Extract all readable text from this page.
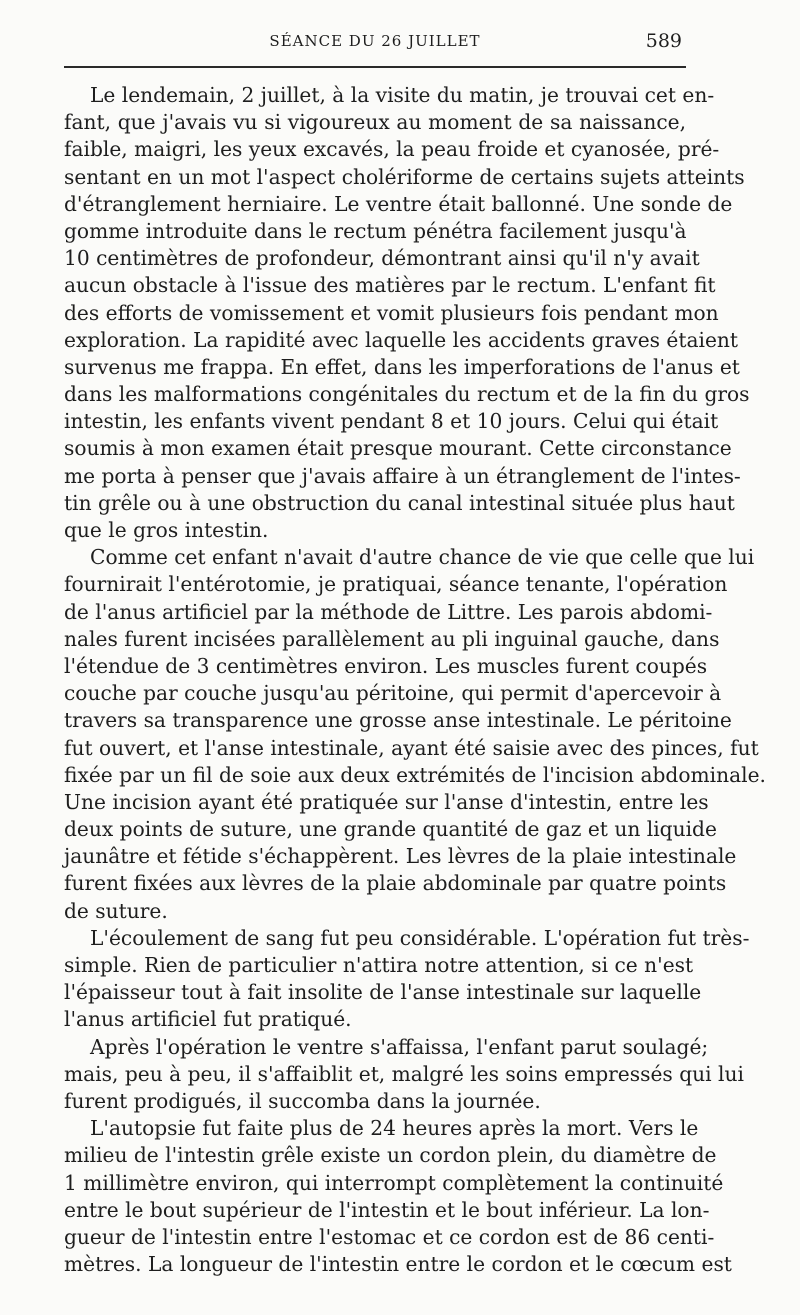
SÉANCE DU 26 JUILLET	589
Le lendemain, 2 juillet, à la visite du matin, je trouvai cet en-
fant, que j'avais vu si vigoureux au moment de sa naissance,
faible, maigri, les yeux excavés, la peau froide et cyanosée, pré-
sentant en un mot l'aspect cholériforme de certains sujets atteints
d'étranglement herniaire. Le ventre était ballonné. Une sonde de
gomme introduite dans le rectum pénétra facilement jusqu'à
10 centimètres de profondeur, démontrant ainsi qu'il n'y avait
aucun obstacle à l'issue des matières par le rectum. L'enfant fit
des efforts de vomissement et vomit plusieurs fois pendant mon
exploration. La rapidité avec laquelle les accidents graves étaient
survenus me frappa. En effet, dans les imperforations de l'anus et
dans les malformations congénitales du rectum et de la fin du gros
intestin, les enfants vivent pendant 8 et 10 jours. Celui qui était
soumis à mon examen était presque mourant. Cette circonstance
me porta à penser que j'avais affaire à un étranglement de l'intes-
tin grêle ou à une obstruction du canal intestinal située plus haut
que le gros intestin.
Comme cet enfant n'avait d'autre chance de vie que celle que lui
fournirait l'entérotomie, je pratiquai, séance tenante, l'opération
de l'anus artificiel par la méthode de Littre. Les parois abdomi-
nales furent incisées parallèlement au pli inguinal gauche, dans
l'étendue de 3 centimètres environ. Les muscles furent coupés
couche par couche jusqu'au péritoine, qui permit d'apercevoir à
travers sa transparence une grosse anse intestinale. Le péritoine
fut ouvert, et l'anse intestinale, ayant été saisie avec des pinces, fut
fixée par un fil de soie aux deux extrémités de l'incision abdominale.
Une incision ayant été pratiquée sur l'anse d'intestin, entre les
deux points de suture, une grande quantité de gaz et un liquide
jaunâtre et fétide s'échappèrent. Les lèvres de la plaie intestinale
furent fixées aux lèvres de la plaie abdominale par quatre points
de suture.
L'écoulement de sang fut peu considérable. L'opération fut très-
simple. Rien de particulier n'attira notre attention, si ce n'est
l'épaisseur tout à fait insolite de l'anse intestinale sur laquelle
l'anus artificiel fut pratiqué.
Après l'opération le ventre s'affaissa, l'enfant parut soulagé;
mais, peu à peu, il s'affaiblit et, malgré les soins empressés qui lui
furent prodigués, il succomba dans la journée.
L'autopsie fut faite plus de 24 heures après la mort. Vers le
milieu de l'intestin grêle existe un cordon plein, du diamètre de
1 millimètre environ, qui interrompt complètement la continuité
entre le bout supérieur de l'intestin et le bout inférieur. La lon-
gueur de l'intestin entre l'estomac et ce cordon est de 86 centi-
mètres. La longueur de l'intestin entre le cordon et le cœcum est
